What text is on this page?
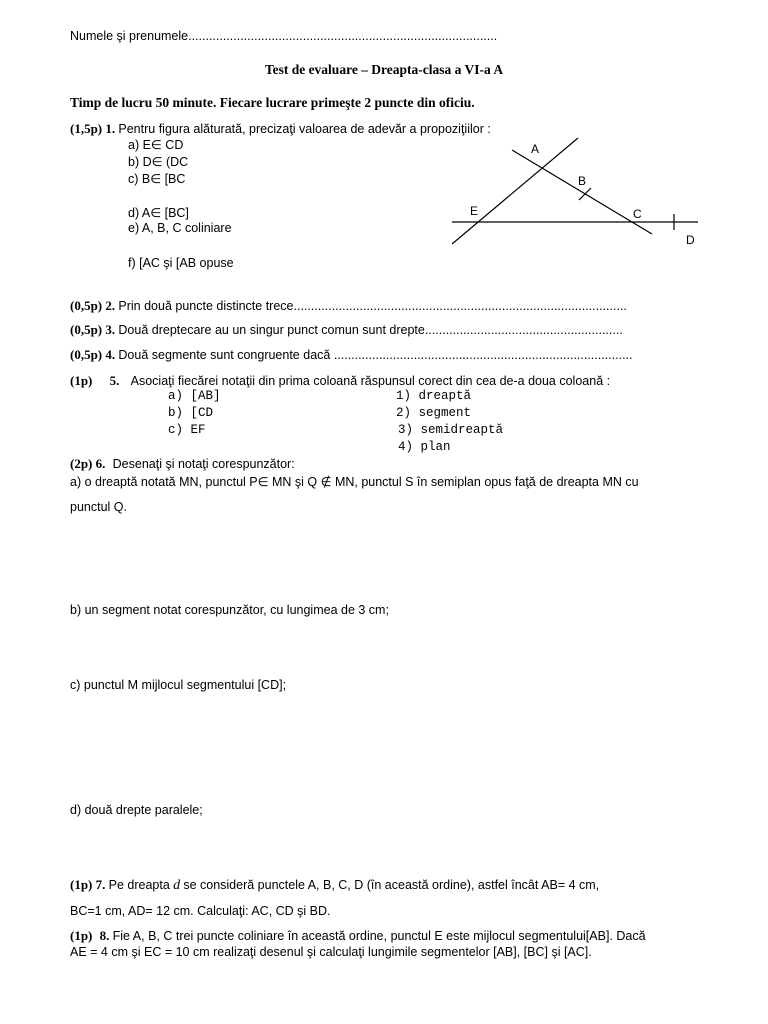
Numele şi prenumele.........................................................................................
Test de evaluare – Dreapta-clasa a VI-a A
Timp de lucru 50 minute. Fiecare lucrare primeşte 2 puncte din oficiu.
(1,5p) 1. Pentru figura alăturată, precizaţi valoarea de adevăr a propoziţiilor :
a) E∈ CD
b) D∈ (DC
c) B∈ [BC
d) A∈ [BC]
e) A, B, C coliniare
f) [AC şi [AB opuse
A
B
C
D
E
(0,5p) 2. Prin două puncte distincte trece................................................................................................
(0,5p) 3. Două dreptecare au un singur punct comun sunt drepte.........................................................
(0,5p) 4. Două segmente sunt congruente dacă ......................................................................................
(1p) 5. Asociaţi fiecărei notaţii din prima coloană răspunsul corect din cea de-a doua coloană :
a) [AB]
b) [CD
c) EF
1) dreaptă
2) segment
3) semidreaptă
4) plan
(2p) 6. Desenaţi şi notaţi corespunzător:
a) o dreaptă notată MN, punctul P∈ MN şi Q ∉ MN, punctul S în semiplan opus faţă de dreapta MN cu
punctul Q.
b) un segment notat corespunzător, cu lungimea de 3 cm;
c) punctul M mijlocul segmentului [CD];
d) două drepte paralele;
(1p) 7. Pe dreapta d se consideră punctele A, B, C, D (în această ordine), astfel încât AB= 4 cm,
BC=1 cm, AD= 12 cm. Calculaţi: AC, CD şi BD.
(1p) 8. Fie A, B, C trei puncte coliniare în această ordine, punctul E este mijlocul segmentului[AB]. Dacă
AE = 4 cm şi EC = 10 cm realizaţi desenul şi calculaţi lungimile segmentelor [AB], [BC] şi [AC].
